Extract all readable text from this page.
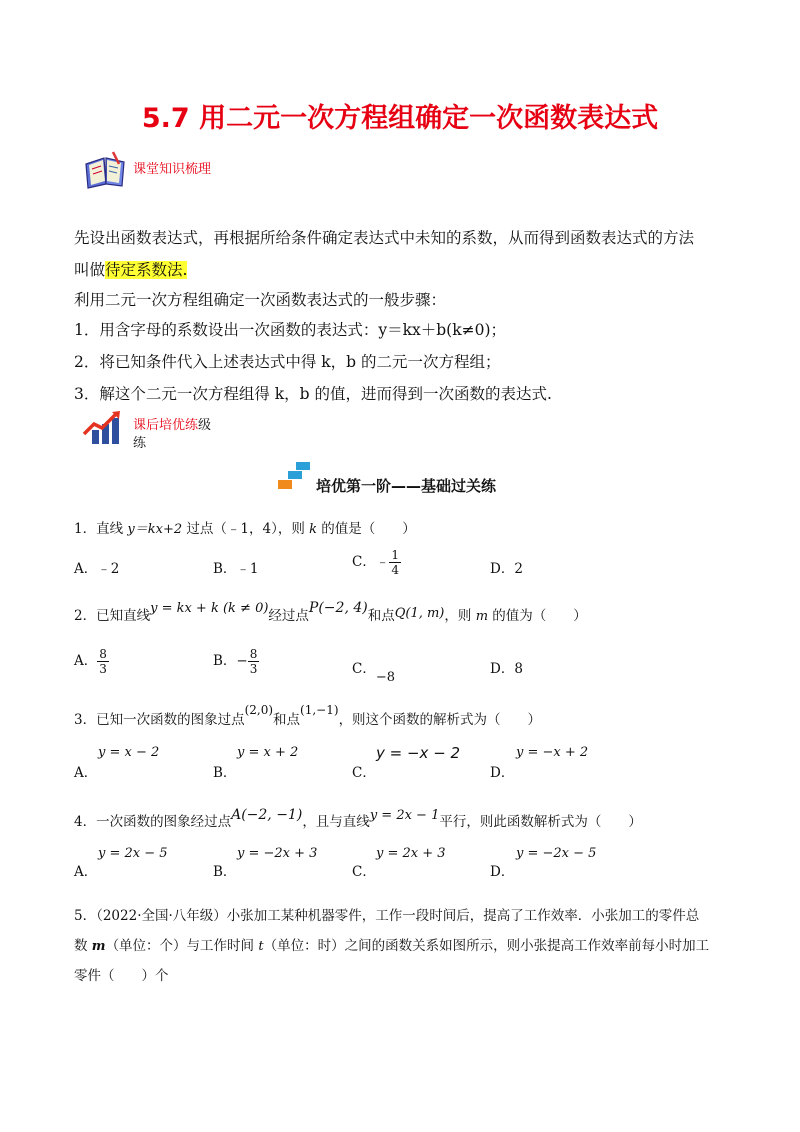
5.7 用二元一次方程组确定一次函数表达式
课堂知识梳理
先设出函数表达式，再根据所给条件确定表达式中未知的系数，从而得到函数表达式的方法
叫做待定系数法.
利用二元一次方程组确定一次函数表达式的一般步骤：
1．用含字母的系数设出一次函数的表达式：y＝kx＋b(k≠0)；
2．将已知条件代入上述表达式中得 k，b 的二元一次方程组；
3．解这个二元一次方程组得 k，b 的值，进而得到一次函数的表达式.
课后培优练级
练
培优第一阶——基础过关练
1．直线 y＝kx+2 过点（﹣1，4），则 k 的值是（　　）
A．﹣2	B．﹣1	C．﹣ $\frac{1}{4}$	D．2
2．已知直线y = kx + k (k ≠ 0)经过点P(−2, 4)和点Q(1, m)，则 m 的值为（　　）
A． $\frac{8}{3}$	B．− $\frac{8}{3}$	C．−8
D．8
3．已知一次函数的图象过点(2,0)和点(1,−1)，则这个函数的解析式为（　　）
A．
y = x − 2
B．
y = x + 2
C．
y = −x − 2
D．
y = −x + 2
4．一次函数的图象经过点A(−2, −1)，且与直线y = 2x − 1平行，则此函数解析式为（　　）
A．
y = 2x − 5
B．
y = −2x + 3
C．
y = 2x + 3
D．
y = −2x − 5
5．（2022·全国·八年级）小张加工某种机器零件，工作一段时间后，提高了工作效率．小张加工的零件总
数 m（单位：个）与工作时间 t（单位：时）之间的函数关系如图所示，则小张提高工作效率前每小时加工
零件（　　）个
